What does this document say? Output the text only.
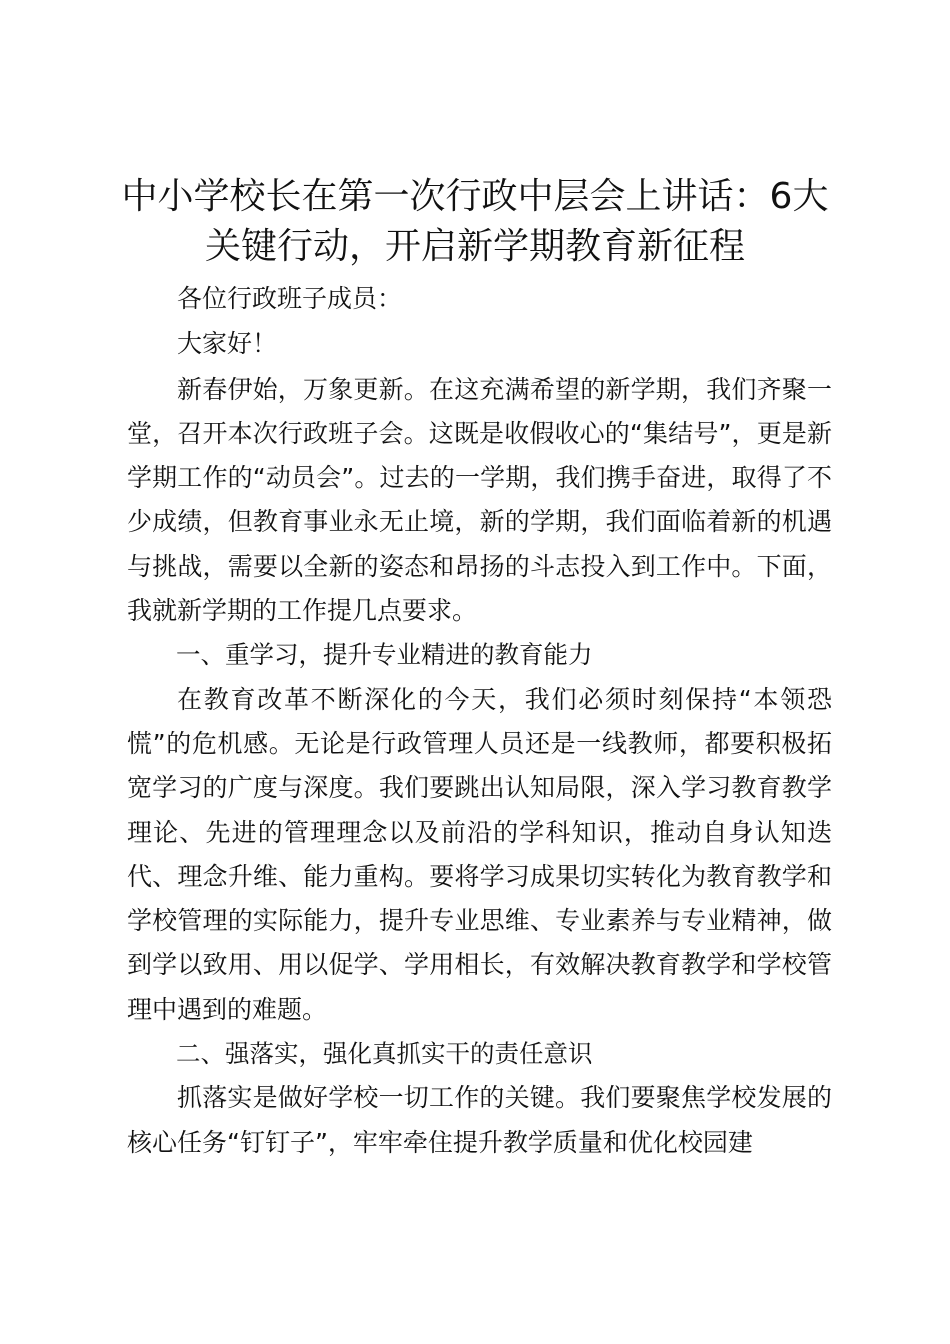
中小学校长在第一次行政中层会上讲话：6大
关键行动，开启新学期教育新征程

各位行政班子成员：

大家好！

新春伊始，万象更新。在这充满希望的新学期，我们齐聚一堂，召开本次行政班子会。这既是收假收心的“集结号”，更是新学期工作的“动员会”。过去的一学期，我们携手奋进，取得了不少成绩，但教育事业永无止境，新的学期，我们面临着新的机遇与挑战，需要以全新的姿态和昂扬的斗志投入到工作中。下面，我就新学期的工作提几点要求。

一、重学习，提升专业精进的教育能力

在教育改革不断深化的今天，我们必须时刻保持“本领恐慌”的危机感。无论是行政管理人员还是一线教师，都要积极拓宽学习的广度与深度。我们要跳出认知局限，深入学习教育教学理论、先进的管理理念以及前沿的学科知识，推动自身认知迭代、理念升维、能力重构。要将学习成果切实转化为教育教学和学校管理的实际能力，提升专业思维、专业素养与专业精神，做到学以致用、用以促学、学用相长，有效解决教育教学和学校管理中遇到的难题。

二、强落实，强化真抓实干的责任意识

抓落实是做好学校一切工作的关键。我们要聚焦学校发展的核心任务“钉钉子”，牢牢牵住提升教学质量和优化校园建
